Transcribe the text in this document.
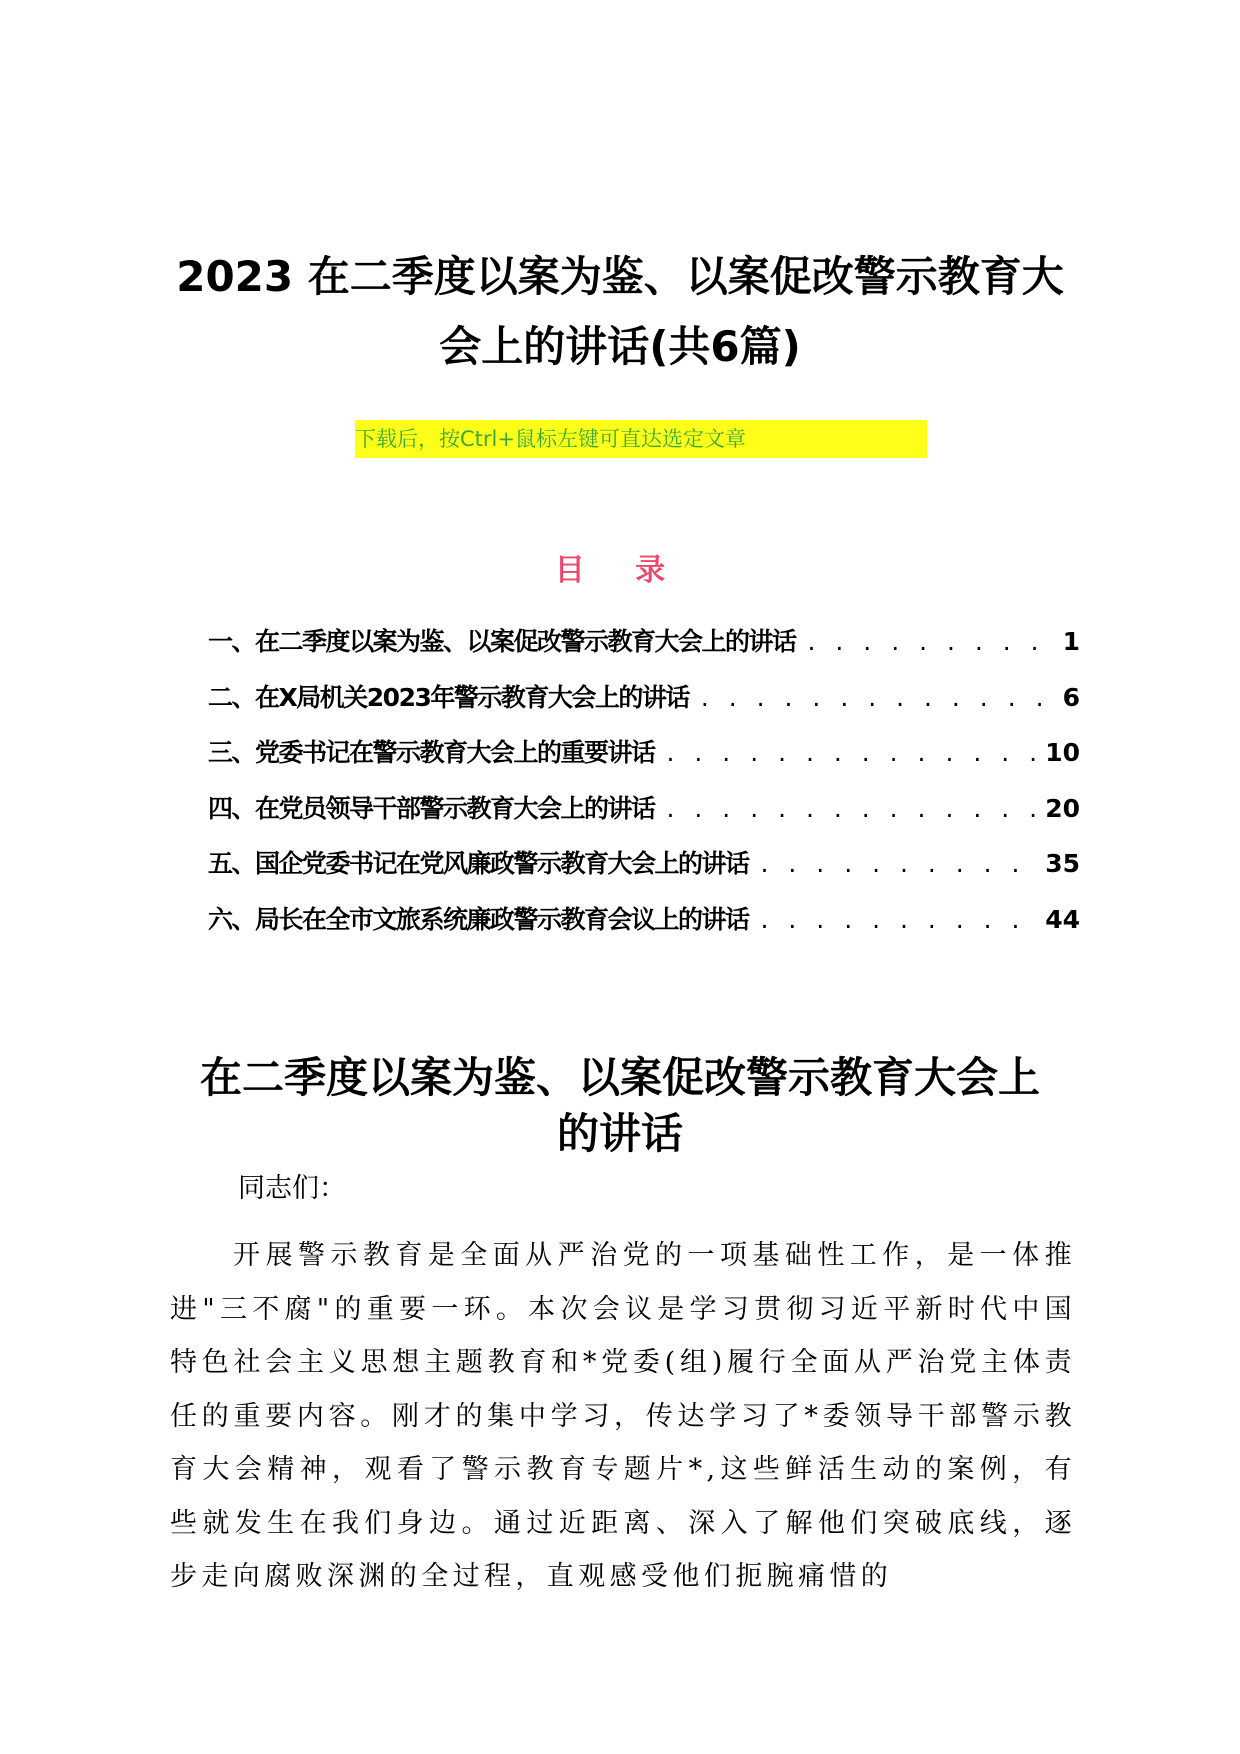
2023 在二季度以案为鉴、以案促改警示教育大
会上的讲话(共6篇)
下载后，按Ctrl+鼠标左键可直达选定文章
目 录
一、在二季度以案为鉴、以案促改警示教育大会上的讲话 . . .	1
二、在X局机关2023年警示教育大会上的讲话 . . .	6
三、党委书记在警示教育大会上的重要讲话 . . .	10
四、在党员领导干部警示教育大会上的讲话 . . .	20
五、国企党委书记在党风廉政警示教育大会上的讲话 . . .	35
六、局长在全市文旅系统廉政警示教育会议上的讲话 . . .	44
在二季度以案为鉴、以案促改警示教育大会上
的讲话

同志们：

开展警示教育是全面从严治党的一项基础性工作，是一体推进"三不腐"的重要一环。本次会议是学习贯彻习近平新时代中国特色社会主义思想主题教育和*党委(组)履行全面从严治党主体责任的重要内容。刚才的集中学习，传达学习了*委领导干部警示教育大会精神，观看了警示教育专题片*,这些鲜活生动的案例，有些就发生在我们身边。通过近距离、深入了解他们突破底线，逐步走向腐败深渊的全过程，直观感受他们扼腕痛惜的
